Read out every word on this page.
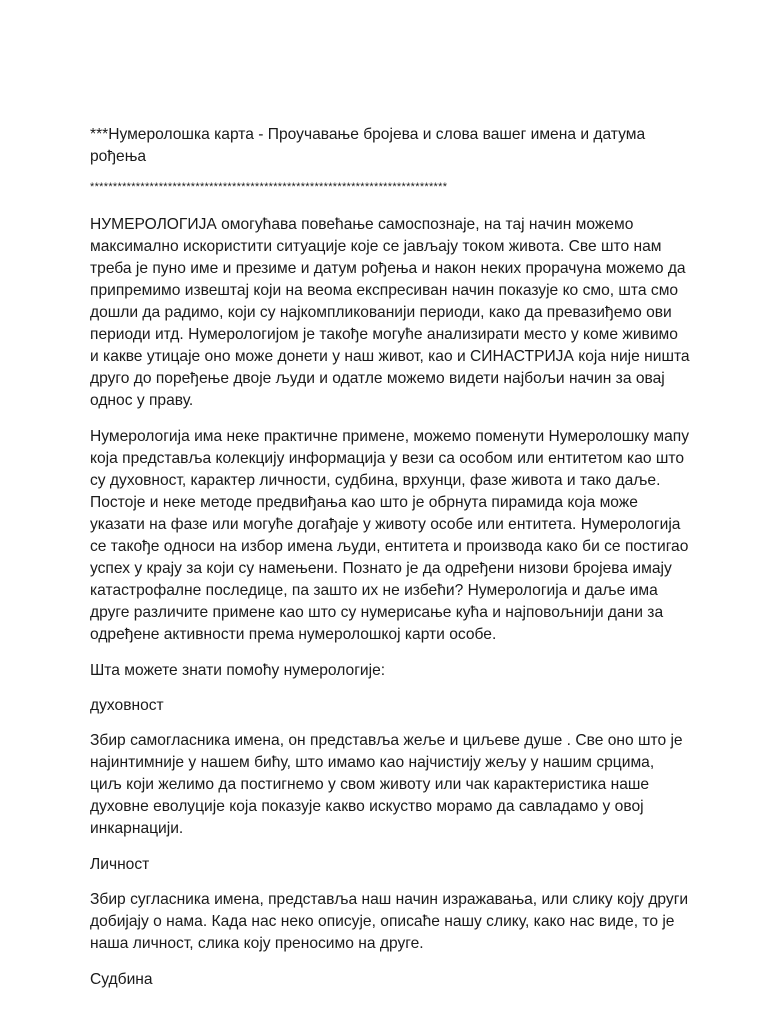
***Нумеролошка карта - Проучавање бројева и слова вашег имена и датума рођења

******************************************************************************

НУМЕРОЛОГИЈА омогућава повећање самоспознаје, на тај начин можемо максимално искористити ситуације које се јављају током живота. Све што нам треба је пуно име и презиме и датум рођења и након неких прорачуна можемо да припремимо извештај који на веома експресиван начин показује ко смо, шта смо дошли да радимо, који су најкомпликованији периоди, како да превазиђемо ови периоди итд. Нумерологијом је такође могуће анализирати место у коме живимо и какве утицаје оно може донети у наш живот, као и СИНАСТРИЈА која није ништа друго до поређење двоје људи и одатле можемо видети најбољи начин за овај однос у праву.

Нумерологија има неке практичне примене, можемо поменути Нумеролошку мапу која представља колекцију информација у вези са особом или ентитетом као што су духовност, карактер личности, судбина, врхунци, фазе живота и тако даље. Постоје и неке методе предвиђања као што је обрнута пирамида која може указати на фазе или могуће догађаје у животу особе или ентитета. Нумерологија се такође односи на избор имена људи, ентитета и производа како би се постигао успех у крају за који су намењени. Познато је да одређени низови бројева имају катастрофалне последице, па зашто их не избећи? Нумерологија и даље има друге различите примене као што су нумерисање кућа и најповољнији дани за одређене активности према нумеролошкој карти особе.

Шта можете знати помоћу нумерологије:

духовност

Збир самогласника имена, он представља жеље и циљеве душе . Све оно што је најинтимније у нашем бићу, што имамо као најчистију жељу у нашим срцима, циљ који желимо да постигнемо у свом животу или чак карактеристика наше духовне еволуције која показује какво искуство морамо да савладамо у овој инкарнацији.

Личност

Збир сугласника имена, представља наш начин изражавања, или слику коју други добијају о нама. Када нас неко описује, описаће нашу слику, како нас виде, то је наша личност, слика коју преносимо на друге.

Судбина
